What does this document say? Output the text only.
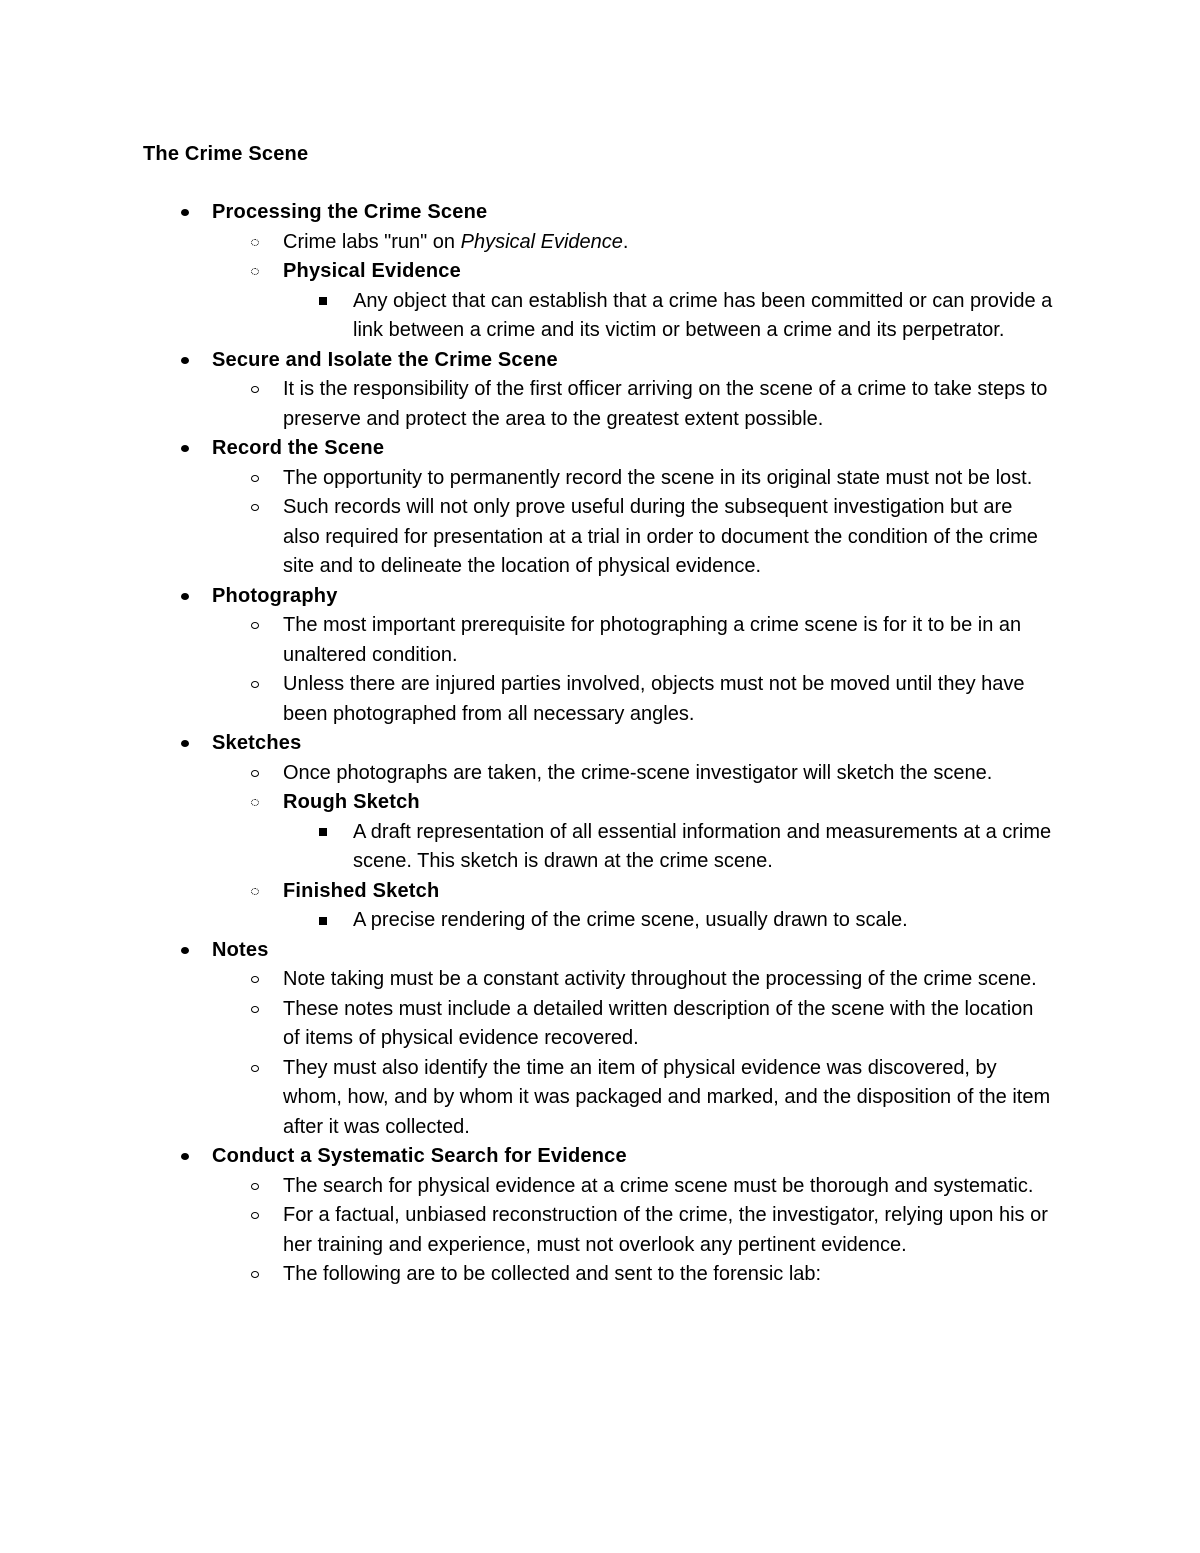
The Crime Scene
Processing the Crime Scene
Crime labs "run" on Physical Evidence.
Physical Evidence
Any object that can establish that a crime has been committed or can provide a link between a crime and its victim or between a crime and its perpetrator.
Secure and Isolate the Crime Scene
It is the responsibility of the first officer arriving on the scene of a crime to take steps to preserve and protect the area to the greatest extent possible.
Record the Scene
The opportunity to permanently record the scene in its original state must not be lost.
Such records will not only prove useful during the subsequent investigation but are also required for presentation at a trial in order to document the condition of the crime site and to delineate the location of physical evidence.
Photography
The most important prerequisite for photographing a crime scene is for it to be in an unaltered condition.
Unless there are injured parties involved, objects must not be moved until they have been photographed from all necessary angles.
Sketches
Once photographs are taken, the crime-scene investigator will sketch the scene.
Rough Sketch
A draft representation of all essential information and measurements at a crime scene. This sketch is drawn at the crime scene.
Finished Sketch
A precise rendering of the crime scene, usually drawn to scale.
Notes
Note taking must be a constant activity throughout the processing of the crime scene.
These notes must include a detailed written description of the scene with the location of items of physical evidence recovered.
They must also identify the time an item of physical evidence was discovered, by whom, how, and by whom it was packaged and marked, and the disposition of the item after it was collected.
Conduct a Systematic Search for Evidence
The search for physical evidence at a crime scene must be thorough and systematic.
For a factual, unbiased reconstruction of the crime, the investigator, relying upon his or her training and experience, must not overlook any pertinent evidence.
The following are to be collected and sent to the forensic lab:
